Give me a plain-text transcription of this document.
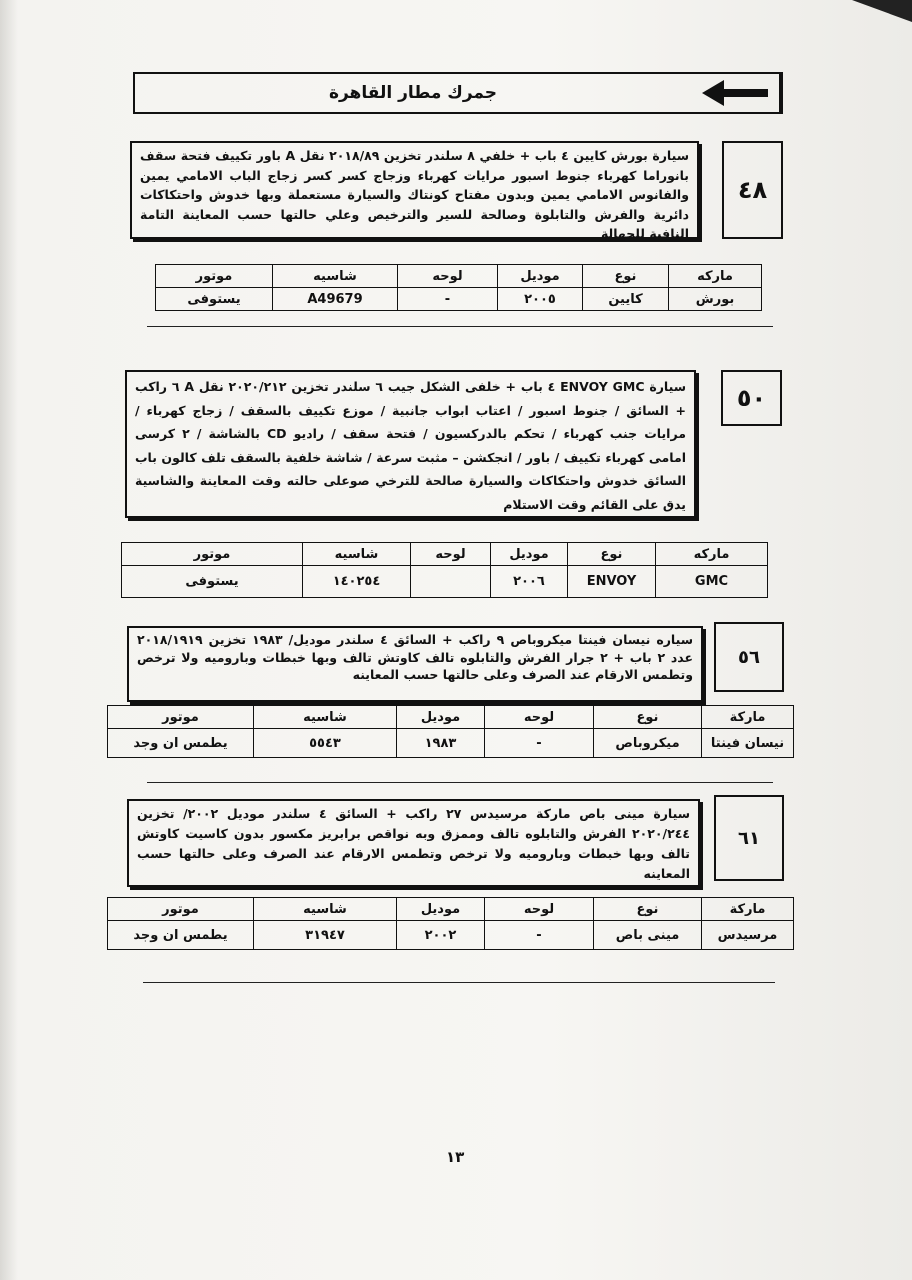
جمرك مطار القاهرة
سيارة بورش كايين ٤ باب + خلفي ٨ سلندر تخزين ٢٠١٨/٨٩ نقل A باور تكييف فتحة سقف بانوراما كهرباء جنوط اسبور مرايات كهرباء وزجاج كسر كسر زجاج الباب الامامي يمين والفانوس الامامي يمين وبدون مفتاح كونتاك والسيارة مستعملة وبها خدوش واحتكاكات دائرية والفرش والتابلوة وصالحة للسير والترخيص وعلي حالتها حسب المعاينة التامة النافية للجهالة
٤٨
ماركه	نوع	موديل	لوحه	شاسيه	موتور
بورش	كايين	٢٠٠٥	-	A49679	يستوفى
سيارة ENVOY GMC ٤ باب + خلفى الشكل جيب ٦ سلندر تخزين ٢٠٢٠/٢١٢ نقل A ٦ راكب + السائق / جنوط اسبور / اعتاب ابواب جانبية / موزع تكييف بالسقف / زجاج كهرباء / مرايات جنب كهرباء / تحكم بالدركسيون / فتحة سقف / راديو CD بالشاشة / ٢ كرسى امامى كهرباء تكييف / باور / انجكشن – مثبت سرعة / شاشة خلفية بالسقف تلف كالون باب السائق خدوش واحتكاكات والسيارة صالحة للترخي صوعلى حالته وقت المعاينة والشاسية يدق على القائم وقت الاستلام
٥٠
ماركه	نوع	موديل	لوحه	شاسيه	موتور
GMC	ENVOY	٢٠٠٦		١٤٠٢٥٤	يستوفى
سياره نيسان فينتا ميكروباص ٩ راكب + السائق ٤ سلندر موديل/ ١٩٨٣ تخزين ٢٠١٨/١٩١٩ عدد ٢ باب + ٢ جرار الفرش والتابلوه تالف كاوتش تالف وبها خبطات وباروميه ولا ترخص وتطمس الارقام عند الصرف وعلى حالتها حسب المعاينه
٥٦
ماركة	نوع	لوحه	موديل	شاسيه	موتور
نيسان فينتا	ميكروباص	-	١٩٨٣	٥٥٤٣	يطمس ان وجد
سيارة مينى باص ماركة مرسيدس ٢٧ راكب + السائق ٤ سلندر موديل ٢٠٠٢/ تخزين ٢٠٢٠/٢٤٤ الفرش والتابلوه تالف وممزق وبه نواقص برابريز مكسور بدون كاسيت كاوتش تالف وبها خبطات وباروميه ولا ترخص وتطمس الارقام عند الصرف وعلى حالتها حسب المعاينه
٦١
ماركة	نوع	لوحه	موديل	شاسيه	موتور
مرسيدس	مينى باص	-	٢٠٠٢	٣١٩٤٧	يطمس ان وجد
١٣
